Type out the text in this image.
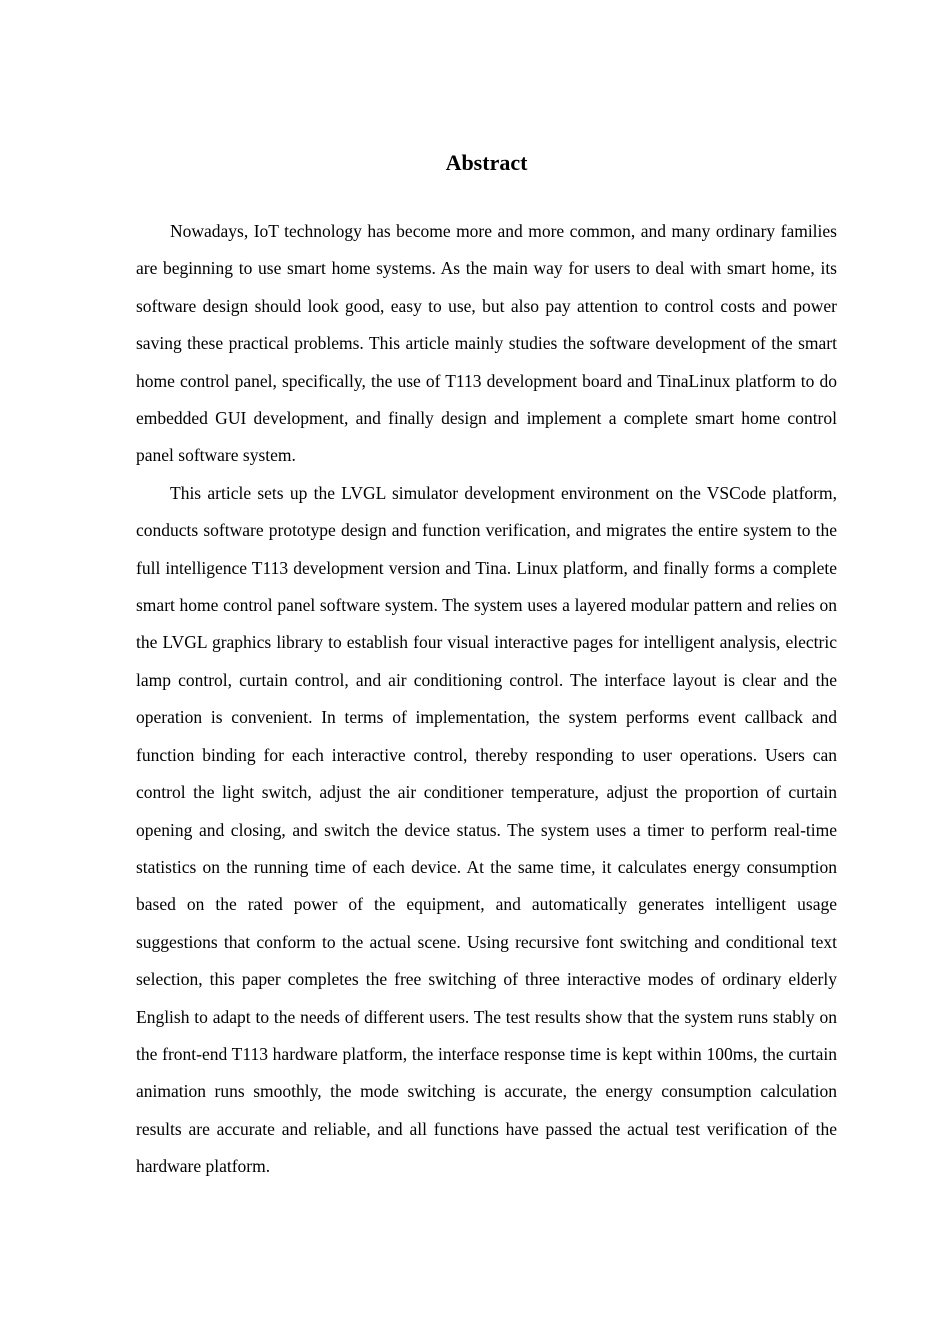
Abstract

Nowadays, IoT technology has become more and more common, and many ordinary families are beginning to use smart home systems. As the main way for users to deal with smart home, its software design should look good, easy to use, but also pay attention to control costs and power saving these practical problems. This article mainly studies the software development of the smart home control panel, specifically, the use of T113 development board and TinaLinux platform to do embedded GUI development, and finally design and implement a complete smart home control panel software system.

This article sets up the LVGL simulator development environment on the VSCode platform, conducts software prototype design and function verification, and migrates the entire system to the full intelligence T113 development version and Tina. Linux platform, and finally forms a complete smart home control panel software system. The system uses a layered modular pattern and relies on the LVGL graphics library to establish four visual interactive pages for intelligent analysis, electric lamp control, curtain control, and air conditioning control. The interface layout is clear and the operation is convenient. In terms of implementation, the system performs event callback and function binding for each interactive control, thereby responding to user operations. Users can control the light switch, adjust the air conditioner temperature, adjust the proportion of curtain opening and closing, and switch the device status. The system uses a timer to perform real-time statistics on the running time of each device. At the same time, it calculates energy consumption based on the rated power of the equipment, and automatically generates intelligent usage suggestions that conform to the actual scene. Using recursive font switching and conditional text selection, this paper completes the free switching of three interactive modes of ordinary elderly English to adapt to the needs of different users. The test results show that the system runs stably on the front-end T113 hardware platform, the interface response time is kept within 100ms, the curtain animation runs smoothly, the mode switching is accurate, the energy consumption calculation results are accurate and reliable, and all functions have passed the actual test verification of the hardware platform.
